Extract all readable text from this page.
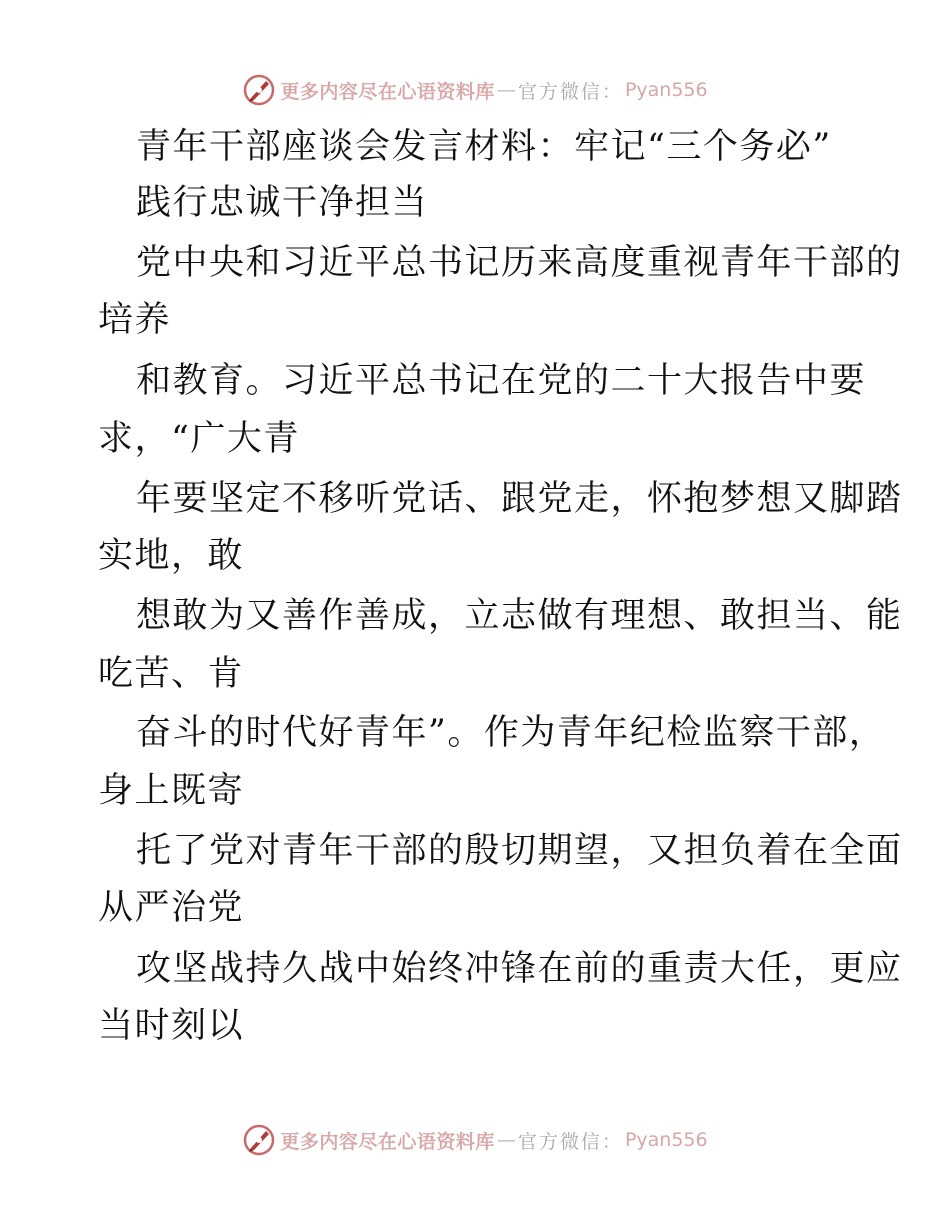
更多内容尽在心语资料库 — 官方微信： Pyan556
青年干部座谈会发言材料：牢记“三个务必”
践行忠诚干净担当
党中央和习近平总书记历来高度重视青年干部的
培养
和教育。习近平总书记在党的二十大报告中要
求，“广大青
年要坚定不移听党话、跟党走，怀抱梦想又脚踏
实地，敢
想敢为又善作善成，立志做有理想、敢担当、能
吃苦、肯
奋斗的时代好青年”。作为青年纪检监察干部，
身上既寄
托了党对青年干部的殷切期望，又担负着在全面
从严治党
攻坚战持久战中始终冲锋在前的重责大任，更应
当时刻以
更多内容尽在心语资料库 — 官方微信： Pyan556
